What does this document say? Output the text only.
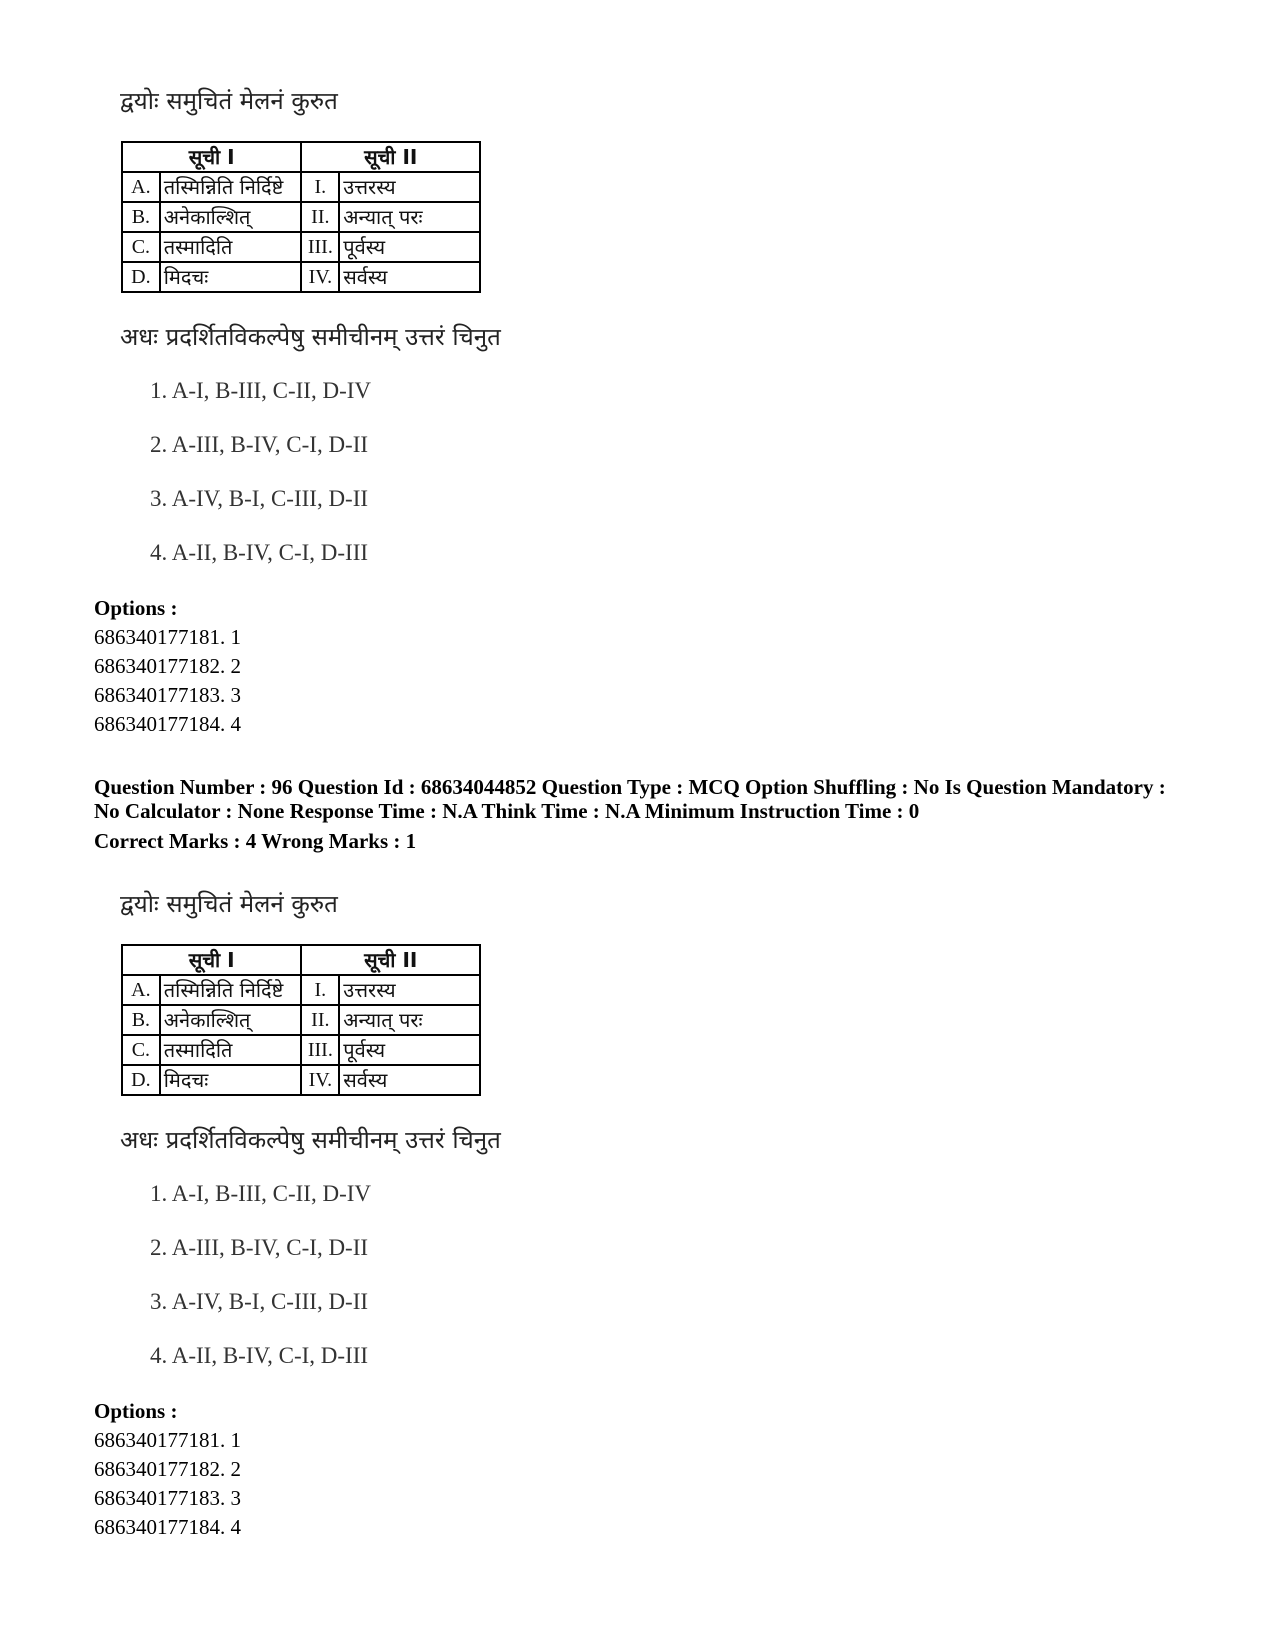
द्वयोः समुचितं मेलनं कुरुत
सूची I		सूची II	
A.	तस्मिन्निति निर्दिष्टे	I.	उत्तरस्य
B.	अनेकाल्शित्	II.	अन्यात् परः
C.	तस्मादिति	III.	पूर्वस्य
D.	मिदचः	IV.	सर्वस्य
अधः प्रदर्शितविकल्पेषु समीचीनम् उत्तरं चिनुत
1. A-I, B-III, C-II, D-IV
2. A-III, B-IV, C-I, D-II
3. A-IV, B-I, C-III, D-II
4. A-II, B-IV, C-I, D-III
Options :
686340177181. 1
686340177182. 2
686340177183. 3
686340177184. 4
Question Number : 96 Question Id : 68634044852 Question Type : MCQ Option Shuffling : No Is Question Mandatory :
No Calculator : None Response Time : N.A Think Time : N.A Minimum Instruction Time : 0
Correct Marks : 4 Wrong Marks : 1
द्वयोः समुचितं मेलनं कुरुत
सूची I		सूची II	
A.	तस्मिन्निति निर्दिष्टे	I.	उत्तरस्य
B.	अनेकाल्शित्	II.	अन्यात् परः
C.	तस्मादिति	III.	पूर्वस्य
D.	मिदचः	IV.	सर्वस्य
अधः प्रदर्शितविकल्पेषु समीचीनम् उत्तरं चिनुत
1. A-I, B-III, C-II, D-IV
2. A-III, B-IV, C-I, D-II
3. A-IV, B-I, C-III, D-II
4. A-II, B-IV, C-I, D-III
Options :
686340177181. 1
686340177182. 2
686340177183. 3
686340177184. 4
